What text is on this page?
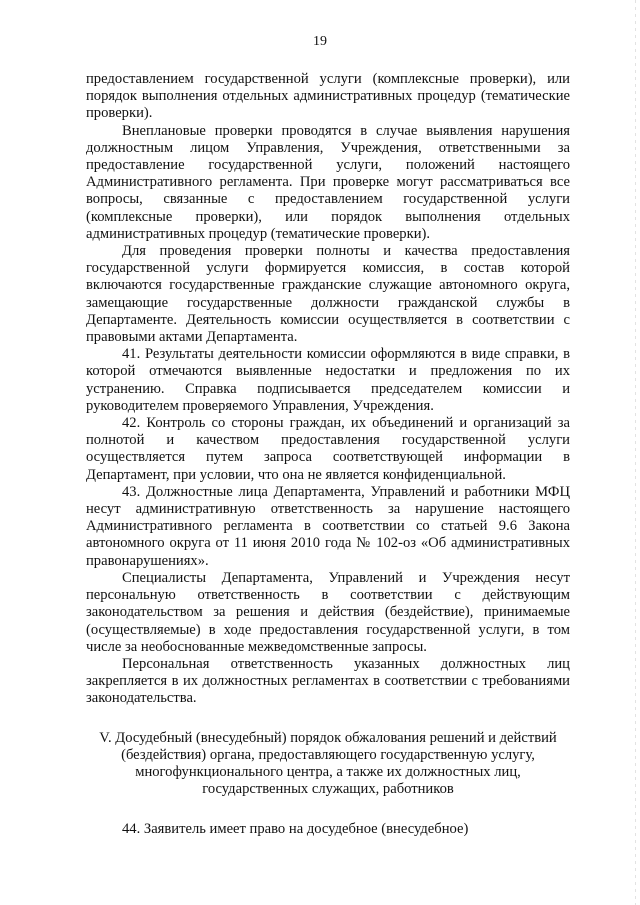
19

предоставлением государственной услуги (комплексные проверки), или порядок выполнения отдельных административных процедур (тематические проверки).

Внеплановые проверки проводятся в случае выявления нарушения должностным лицом Управления, Учреждения, ответственными за предоставление государственной услуги, положений настоящего Административного регламента. При проверке могут рассматриваться все вопросы, связанные с предоставлением государственной услуги (комплексные проверки), или порядок выполнения отдельных административных процедур (тематические проверки).

Для проведения проверки полноты и качества предоставления государственной услуги формируется комиссия, в состав которой включаются государственные гражданские служащие автономного округа, замещающие государственные должности гражданской службы в Департаменте. Деятельность комиссии осуществляется в соответствии с правовыми актами Департамента.

41. Результаты деятельности комиссии оформляются в виде справки, в которой отмечаются выявленные недостатки и предложения по их устранению. Справка подписывается председателем комиссии и руководителем проверяемого Управления, Учреждения.

42. Контроль со стороны граждан, их объединений и организаций за полнотой и качеством предоставления государственной услуги осуществляется путем запроса соответствующей информации в Департамент, при условии, что она не является конфиденциальной.

43. Должностные лица Департамента, Управлений и работники МФЦ несут административную ответственность за нарушение настоящего Административного регламента в соответствии со статьей 9.6 Закона автономного округа от 11 июня 2010 года № 102-оз «Об административных правонарушениях».

Специалисты Департамента, Управлений и Учреждения несут персональную ответственность в соответствии с действующим законодательством за решения и действия (бездействие), принимаемые (осуществляемые) в ходе предоставления государственной услуги, в том числе за необоснованные межведомственные запросы.

Персональная ответственность указанных должностных лиц закрепляется в их должностных регламентах в соответствии с требованиями законодательства.

V. Досудебный (внесудебный) порядок обжалования решений и действий (бездействия) органа, предоставляющего государственную услугу, многофункционального центра, а также их должностных лиц, государственных служащих, работников

44. Заявитель имеет право на досудебное (внесудебное)
